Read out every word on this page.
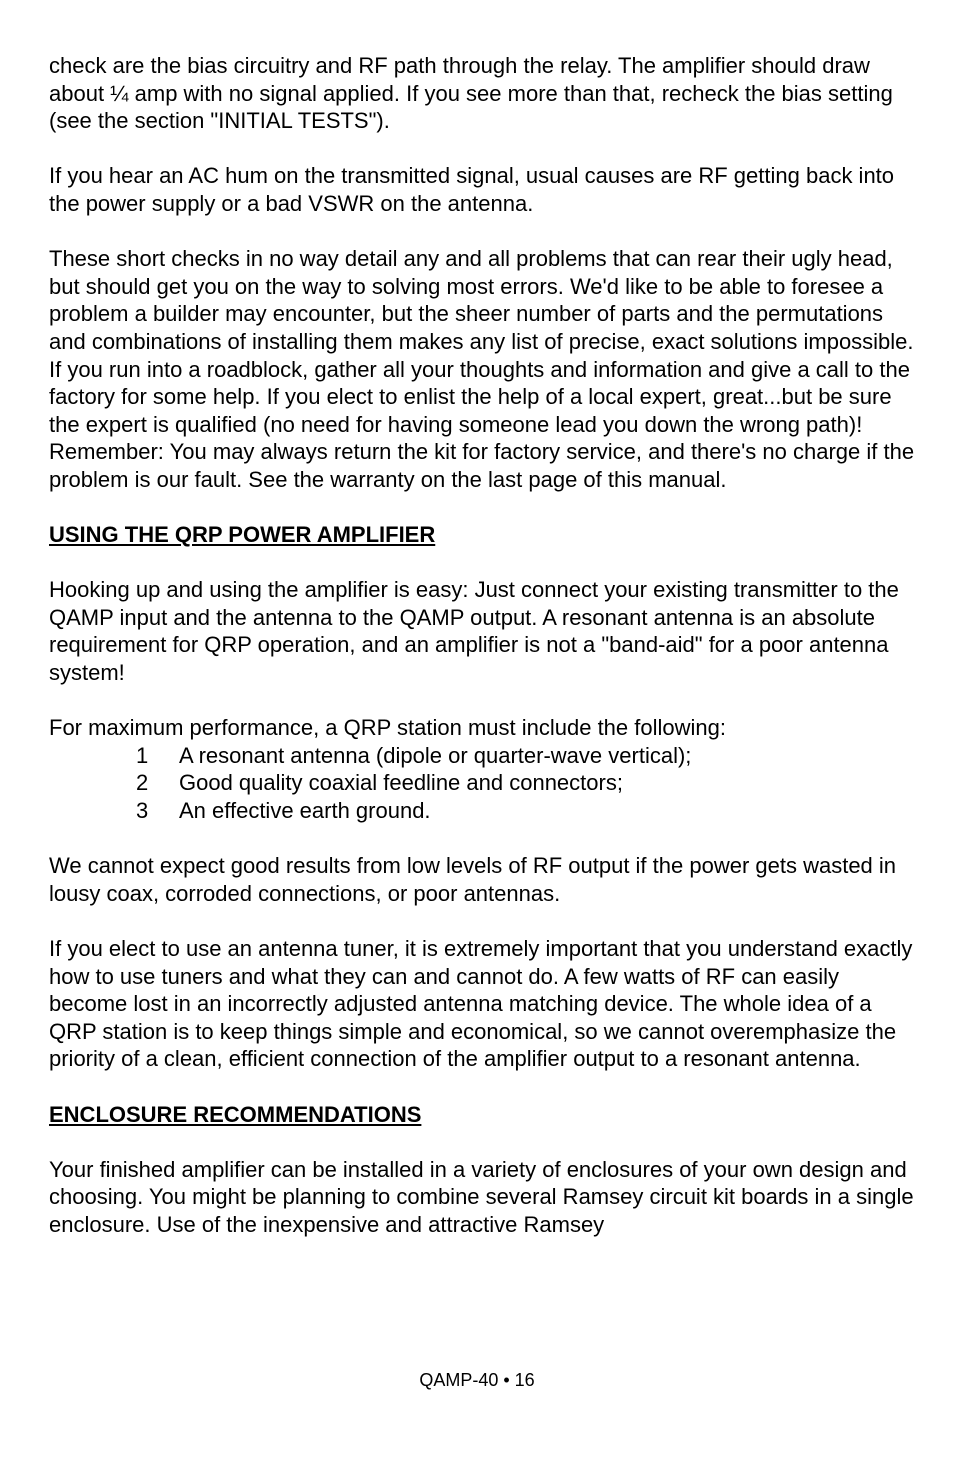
check are the bias circuitry and RF path through the relay. The amplifier should draw about ¼ amp with no signal applied. If you see more than that, recheck the bias setting (see the section "INITIAL TESTS").

If you hear an AC hum on the transmitted signal, usual causes are RF getting back into the power supply or a bad VSWR on the antenna.

These short checks in no way detail any and all problems that can rear their ugly head, but should get you on the way to solving most errors. We'd like to be able to foresee a problem a builder may encounter, but the sheer number of parts and the permutations and combinations of installing them makes any list of precise, exact solutions impossible. If you run into a roadblock, gather all your thoughts and information and give a call to the factory for some help. If you elect to enlist the help of a local expert, great...but be sure the expert is qualified (no need for having someone lead you down the wrong path)! Remember: You may always return the kit for factory service, and there's no charge if the problem is our fault. See the warranty on the last page of this manual.

USING THE QRP POWER AMPLIFIER

Hooking up and using the amplifier is easy: Just connect your existing transmitter to the QAMP input and the antenna to the QAMP output. A resonant antenna is an absolute requirement for QRP operation, and an amplifier is not a "band-aid" for a poor antenna system!

For maximum performance, a QRP station must include the following:

1	A resonant antenna (dipole or quarter-wave vertical);
2	Good quality coaxial feedline and connectors;
3	An effective earth ground.

We cannot expect good results from low levels of RF output if the power gets wasted in lousy coax, corroded connections, or poor antennas.

If you elect to use an antenna tuner, it is extremely important that you understand exactly how to use tuners and what they can and cannot do. A few watts of RF can easily become lost in an incorrectly adjusted antenna matching device. The whole idea of a QRP station is to keep things simple and economical, so we cannot overemphasize the priority of a clean, efficient connection of the amplifier output to a resonant antenna.

ENCLOSURE RECOMMENDATIONS

Your finished amplifier can be installed in a variety of enclosures of your own design and choosing. You might be planning to combine several Ramsey circuit kit boards in a single enclosure. Use of the inexpensive and attractive Ramsey

QAMP-40 • 16
